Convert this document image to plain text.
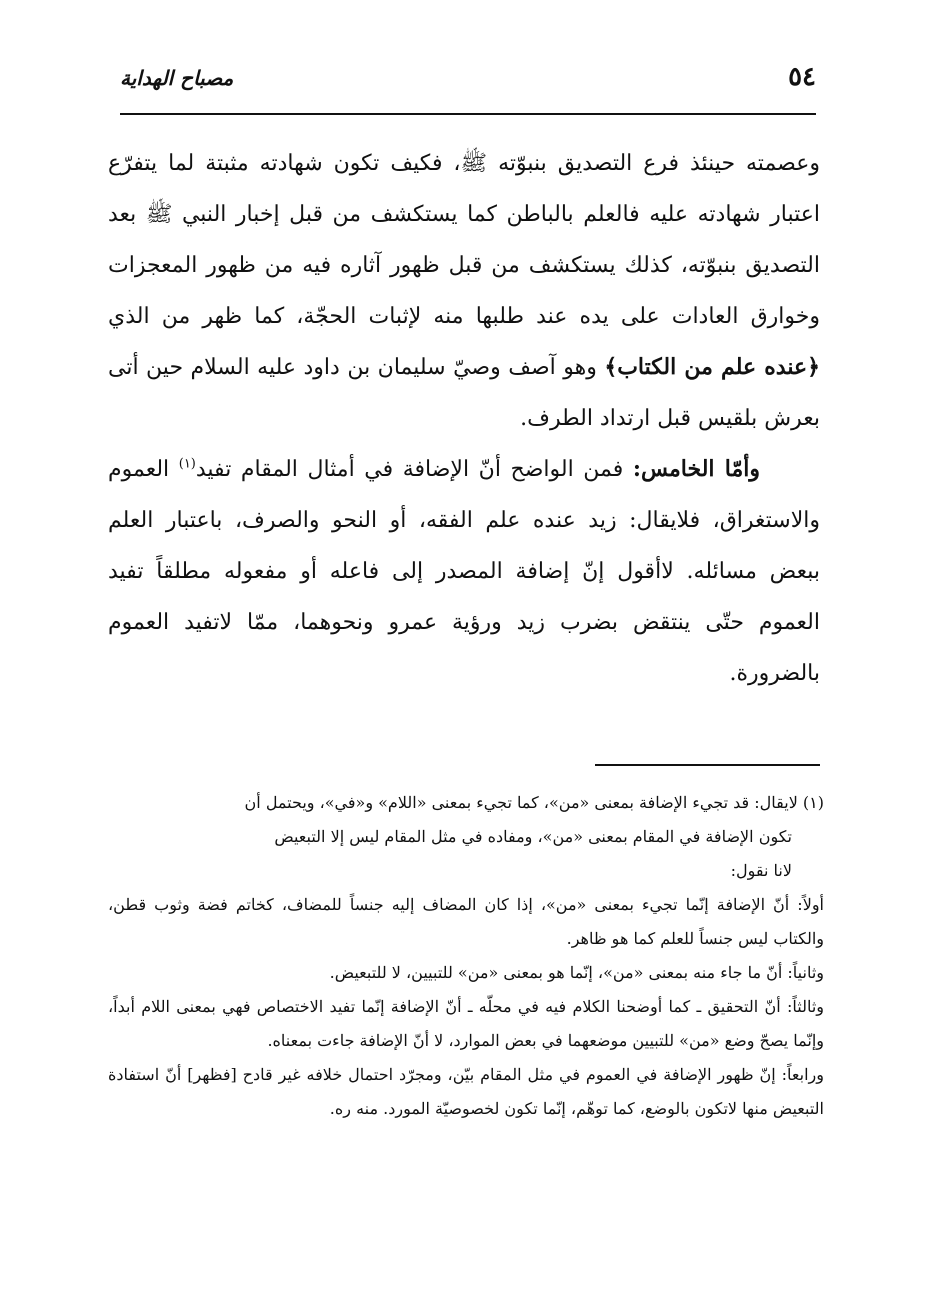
٥٤
مصباح الهداية

وعصمته حينئذ فرع التصديق بنبوّته ﷺ، فكيف تكون شهادته مثبتة لما يتفرّع اعتبار شهادته عليه فالعلم بالباطن كما يستكشف من قبل إخبار النبي ﷺ بعد التصديق بنبوّته، كذلك يستكشف من قبل ظهور آثاره فيه من ظهور المعجزات وخوارق العادات على يده عند طلبها منه لإثبات الحجّة، كما ظهر من الذي ﴿عنده علم من الكتاب﴾ وهو آصف وصيّ سليمان بن داود عليه السلام حين أتى بعرش بلقيس قبل ارتداد الطرف.

وأمّا الخامس: فمن الواضح أنّ الإضافة في أمثال المقام تفيد$^{(١)}$ العموم والاستغراق، فلايقال: زيد عنده علم الفقه، أو النحو والصرف، باعتبار العلم ببعض مسائله. لاأقول إنّ إضافة المصدر إلى فاعله أو مفعوله مطلقاً تفيد العموم حتّى ينتقض بضرب زيد ورؤية عمرو ونحوهما، ممّا لاتفيد العموم بالضرورة.

(١) لايقال: قد تجيء الإضافة بمعنى «من»، كما تجيء بمعنى «اللام» و«في»، ويحتمل أن

تكون الإضافة في المقام بمعنى «من»، ومفاده في مثل المقام ليس إلا التبعيض

لانا نقول:

أولاً: أنّ الإضافة إنّما تجيء بمعنى «من»، إذا كان المضاف إليه جنساً للمضاف، كخاتم فضة وثوب قطن، والكتاب ليس جنساً للعلم كما هو ظاهر.

وثانياً: أنّ ما جاء منه بمعنى «من»، إنّما هو بمعنى «من» للتبيين، لا للتبعيض.

وثالثاً: أنّ التحقيق ـ كما أوضحنا الكلام فيه في محلّه ـ أنّ الإضافة إنّما تفيد الاختصاص فهي بمعنى اللام أبداً، وإنّما يصحّ وضع «من» للتبيين موضعهما في بعض الموارد، لا أنّ الإضافة جاءت بمعناه.

ورابعاً: إنّ ظهور الإضافة في العموم في مثل المقام بيّن، ومجرّد احتمال خلافه غير قادح [فظهر] أنّ استفادة التبعيض منها لاتكون بالوضع، كما توهّم، إنّما تكون لخصوصيّة المورد. منه ره.
